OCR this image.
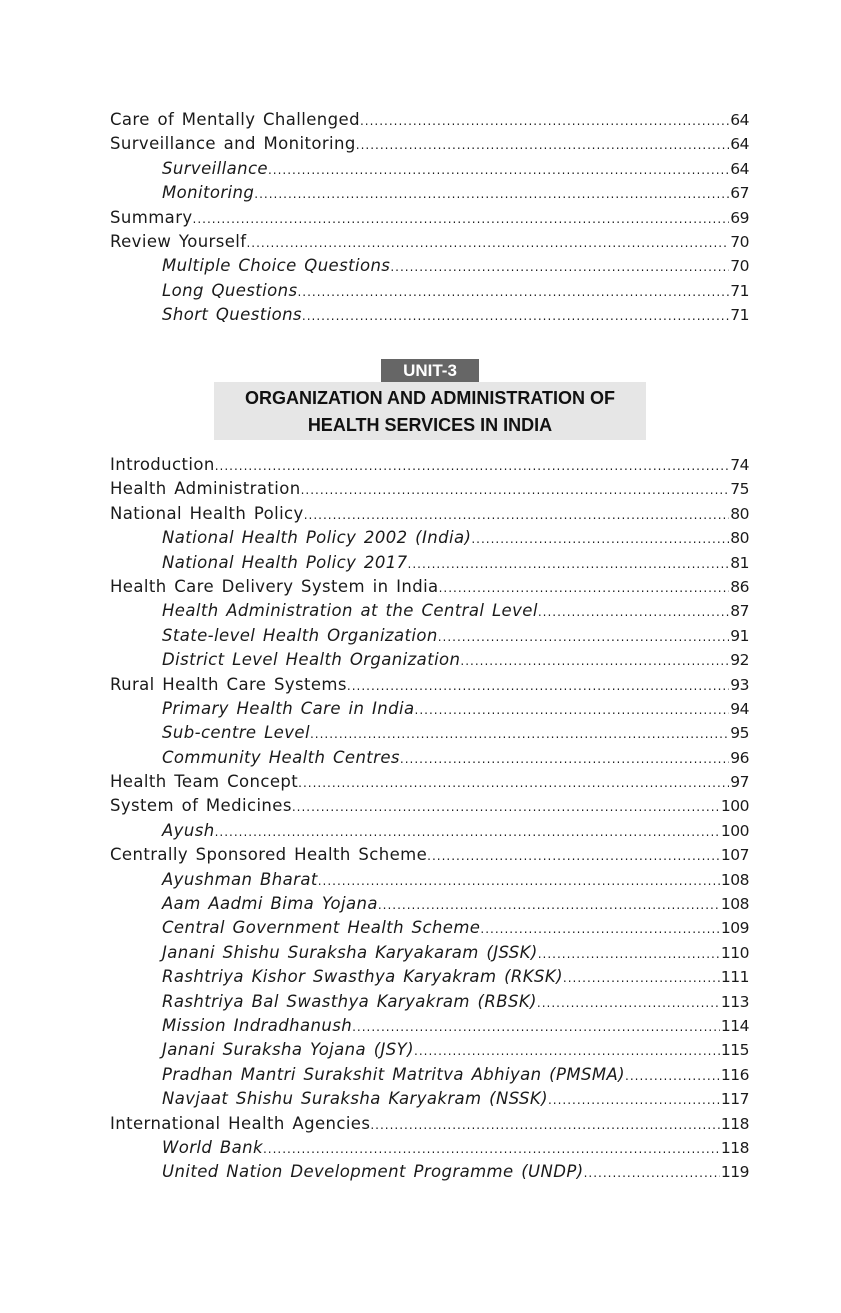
Care of Mentally Challenged .....	64
Surveillance and Monitoring .....	64
Surveillance .....	64
Monitoring .....	67
Summary .....	69
Review Yourself .....	70
Multiple Choice Questions .....	70
Long Questions .....	71
Short Questions .....	71
UNIT-3
ORGANIZATION AND ADMINISTRATION OF
HEALTH SERVICES IN INDIA
Introduction .....	74
Health Administration .....	75
National Health Policy .....	80
National Health Policy 2002 (India) .....	80
National Health Policy 2017 .....	81
Health Care Delivery System in India .....	86
Health Administration at the Central Level .....	87
State-level Health Organization .....	91
District Level Health Organization .....	92
Rural Health Care Systems .....	93
Primary Health Care in India .....	94
Sub-centre Level .....	95
Community Health Centres .....	96
Health Team Concept .....	97
System of Medicines .....	100
Ayush .....	100
Centrally Sponsored Health Scheme .....	107
Ayushman Bharat .....	108
Aam Aadmi Bima Yojana .....	108
Central Government Health Scheme .....	109
Janani Shishu Suraksha Karyakaram (JSSK) .....	110
Rashtriya Kishor Swasthya Karyakram (RKSK) .....	111
Rashtriya Bal Swasthya Karyakram (RBSK) .....	113
Mission Indradhanush .....	114
Janani Suraksha Yojana (JSY) .....	115
Pradhan Mantri Surakshit Matritva Abhiyan (PMSMA) .....	116
Navjaat Shishu Suraksha Karyakram (NSSK) .....	117
International Health Agencies .....	118
World Bank .....	118
United Nation Development Programme (UNDP) .....	119
